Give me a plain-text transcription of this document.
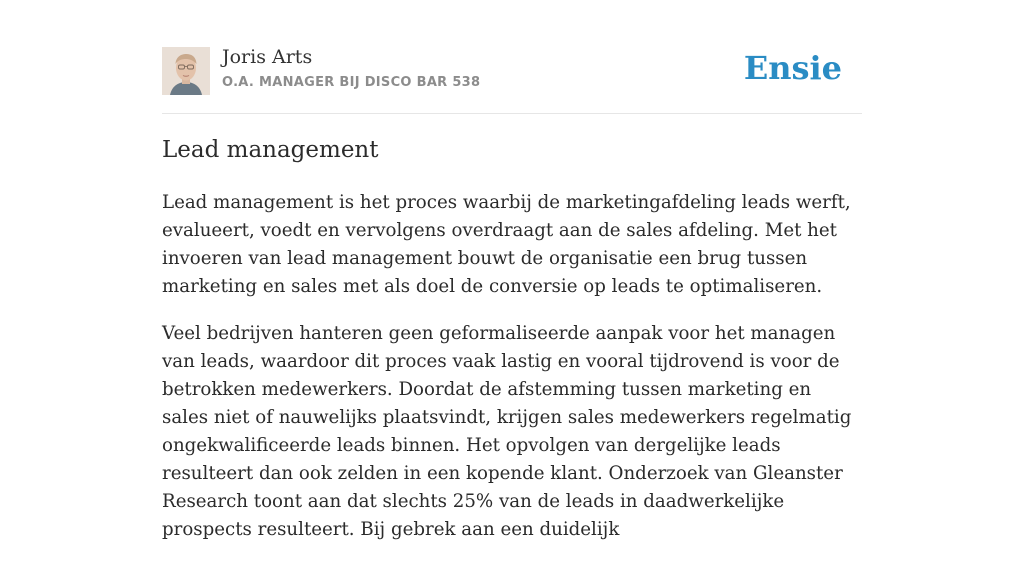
Joris Arts
O.A. MANAGER BIJ DISCO BAR 538	Ensie
Lead management

Lead management is het proces waarbij de marketingafdeling leads werft, evalueert, voedt en vervolgens overdraagt aan de sales afdeling. Met het invoeren van lead management bouwt de organisatie een brug tussen marketing en sales met als doel de conversie op leads te optimaliseren.

Veel bedrijven hanteren geen geformaliseerde aanpak voor het managen van leads, waardoor dit proces vaak lastig en vooral tijdrovend is voor de betrokken medewerkers. Doordat de afstemming tussen marketing en sales niet of nauwelijks plaatsvindt, krijgen sales medewerkers regelmatig ongekwalificeerde leads binnen. Het opvolgen van dergelijke leads resulteert dan ook zelden in een kopende klant. Onderzoek van Gleanster Research toont aan dat slechts 25% van de leads in daadwerkelijke prospects resulteert. Bij gebrek aan een duidelijk
